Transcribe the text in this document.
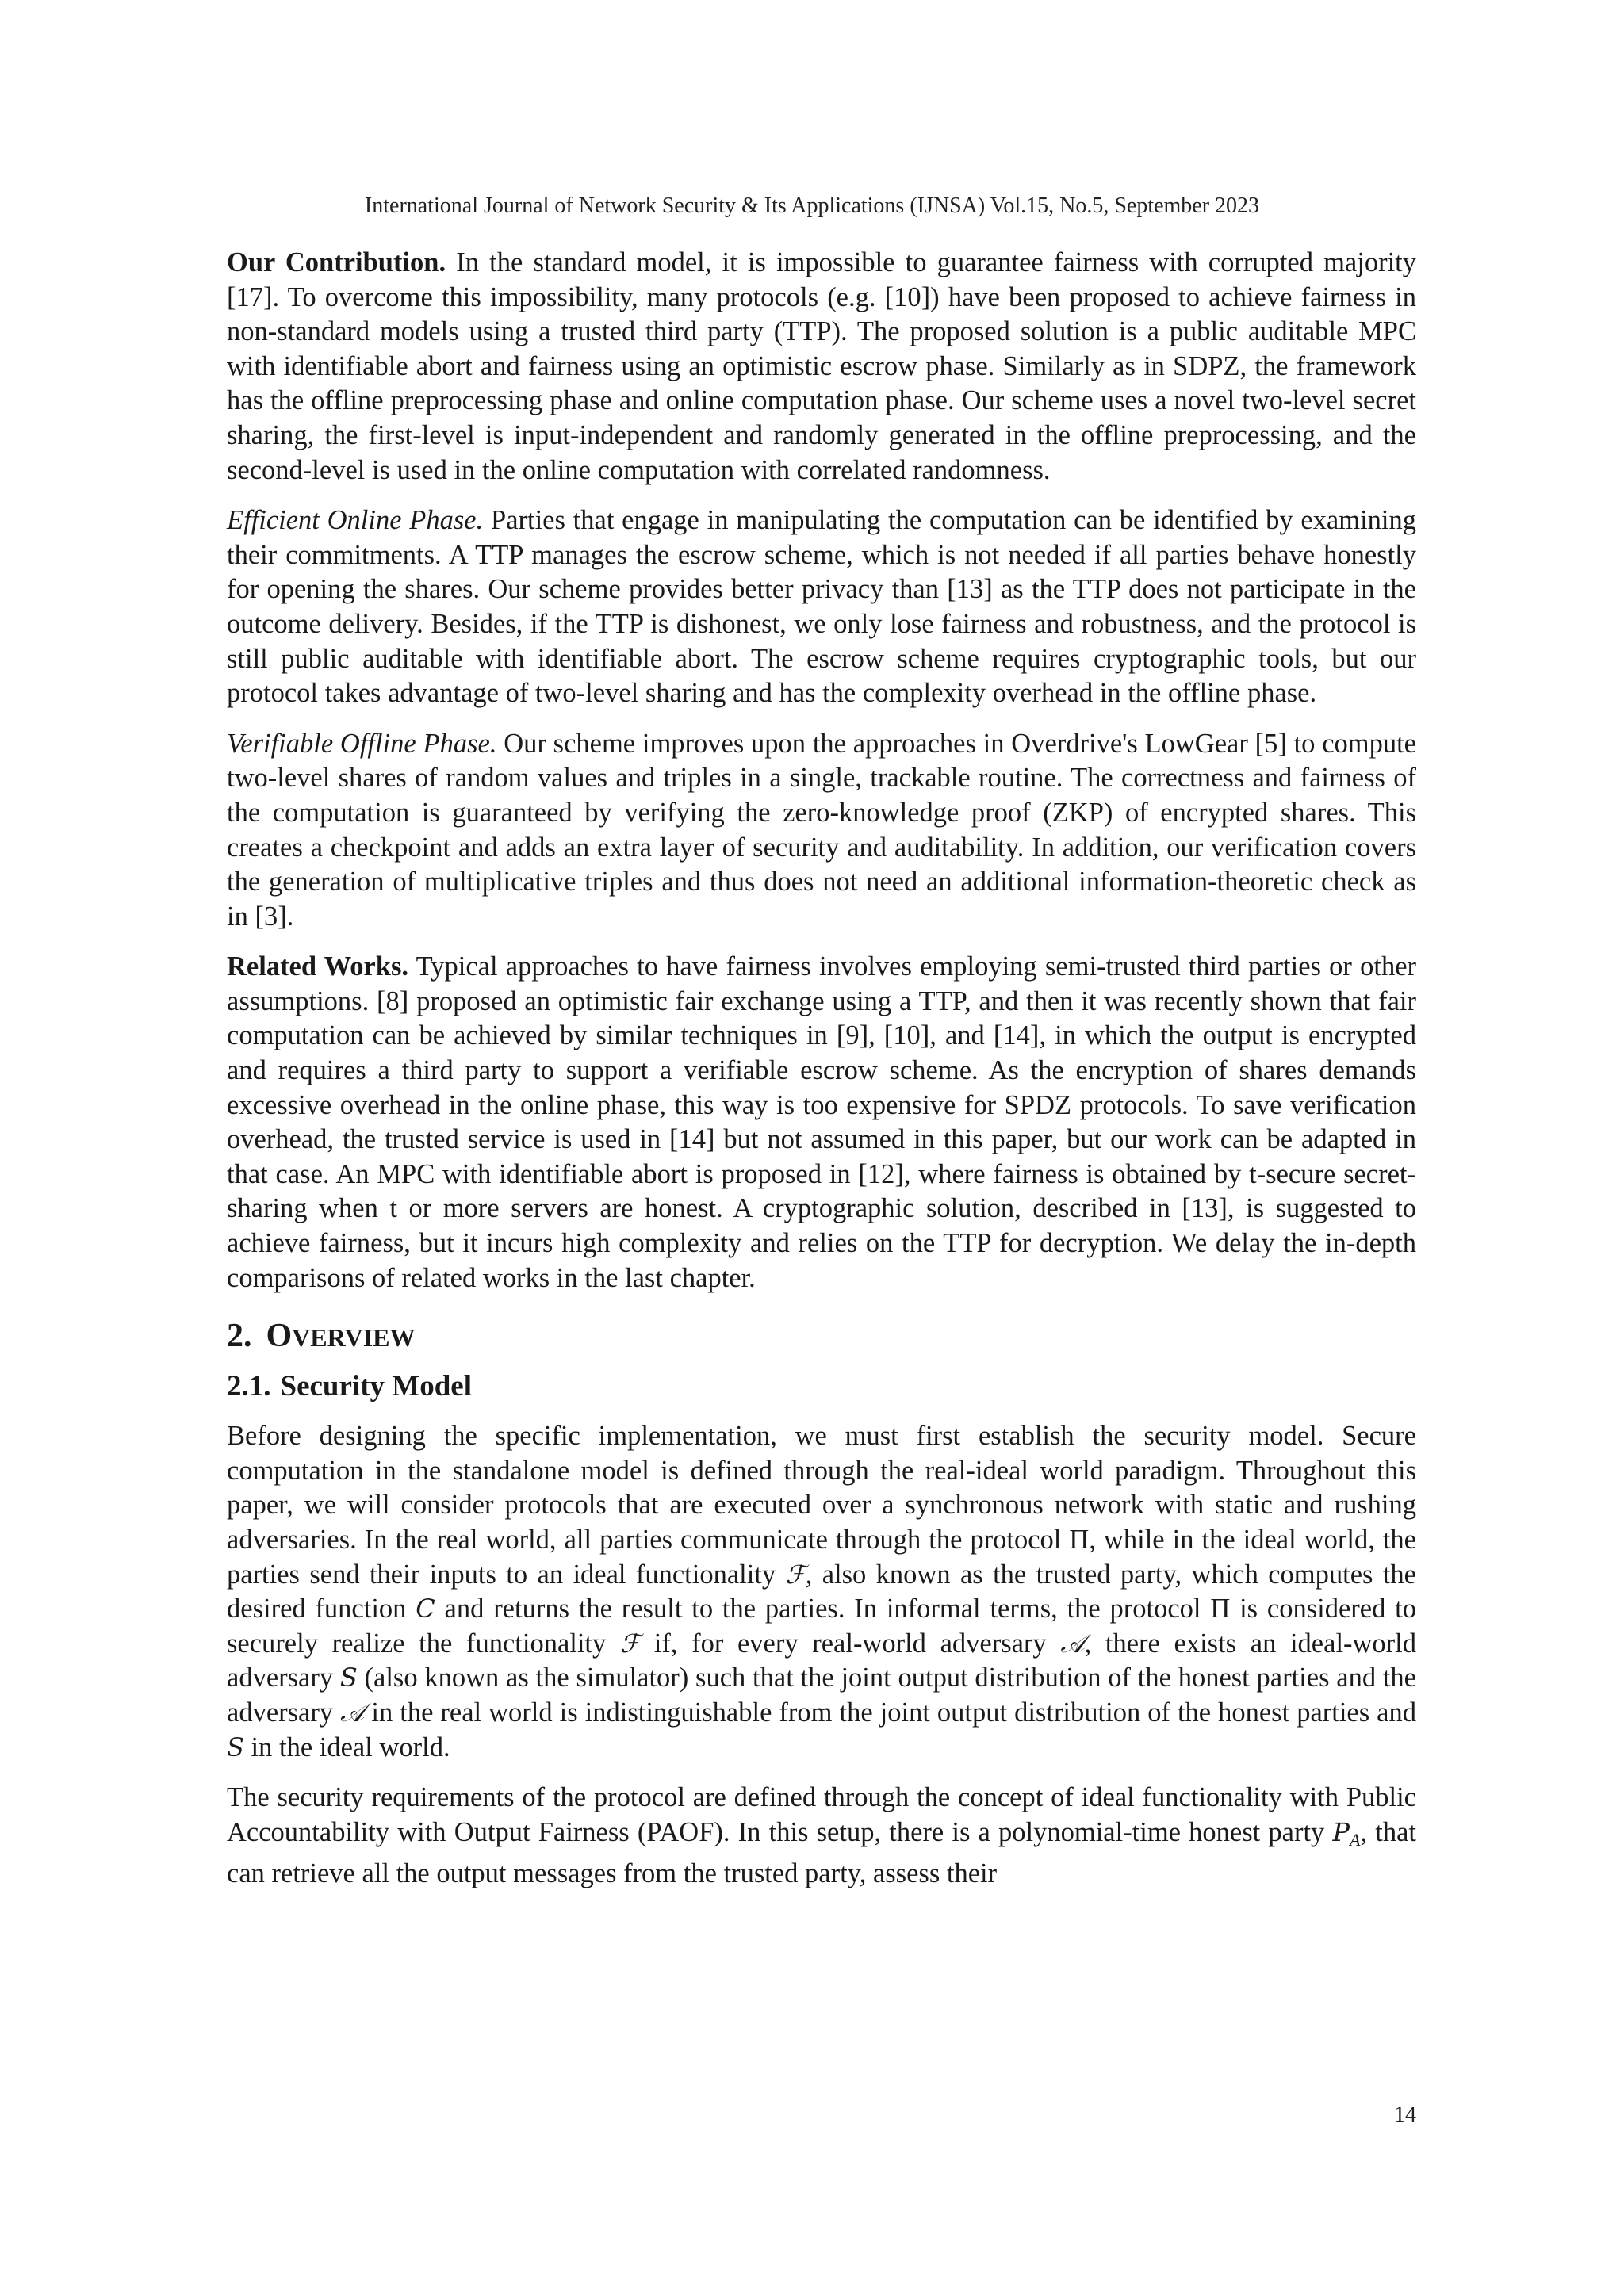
International Journal of Network Security & Its Applications (IJNSA) Vol.15, No.5, September 2023

Our Contribution. In the standard model, it is impossible to guarantee fairness with corrupted majority [17]. To overcome this impossibility, many protocols (e.g. [10]) have been proposed to achieve fairness in non-standard models using a trusted third party (TTP). The proposed solution is a public auditable MPC with identifiable abort and fairness using an optimistic escrow phase. Similarly as in SDPZ, the framework has the offline preprocessing phase and online computation phase. Our scheme uses a novel two-level secret sharing, the first-level is input-independent and randomly generated in the offline preprocessing, and the second-level is used in the online computation with correlated randomness.

Efficient Online Phase. Parties that engage in manipulating the computation can be identified by examining their commitments. A TTP manages the escrow scheme, which is not needed if all parties behave honestly for opening the shares. Our scheme provides better privacy than [13] as the TTP does not participate in the outcome delivery. Besides, if the TTP is dishonest, we only lose fairness and robustness, and the protocol is still public auditable with identifiable abort. The escrow scheme requires cryptographic tools, but our protocol takes advantage of two-level sharing and has the complexity overhead in the offline phase.

Verifiable Offline Phase. Our scheme improves upon the approaches in Overdrive's LowGear [5] to compute two-level shares of random values and triples in a single, trackable routine. The correctness and fairness of the computation is guaranteed by verifying the zero-knowledge proof (ZKP) of encrypted shares. This creates a checkpoint and adds an extra layer of security and auditability. In addition, our verification covers the generation of multiplicative triples and thus does not need an additional information-theoretic check as in [3].

Related Works. Typical approaches to have fairness involves employing semi-trusted third parties or other assumptions. [8] proposed an optimistic fair exchange using a TTP, and then it was recently shown that fair computation can be achieved by similar techniques in [9], [10], and [14], in which the output is encrypted and requires a third party to support a verifiable escrow scheme. As the encryption of shares demands excessive overhead in the online phase, this way is too expensive for SPDZ protocols. To save verification overhead, the trusted service is used in [14] but not assumed in this paper, but our work can be adapted in that case. An MPC with identifiable abort is proposed in [12], where fairness is obtained by t-secure secret-sharing when t or more servers are honest. A cryptographic solution, described in [13], is suggested to achieve fairness, but it incurs high complexity and relies on the TTP for decryption. We delay the in-depth comparisons of related works in the last chapter.

2. OVERVIEW
2.1. Security Model

Before designing the specific implementation, we must first establish the security model. Secure computation in the standalone model is defined through the real-ideal world paradigm. Throughout this paper, we will consider protocols that are executed over a synchronous network with static and rushing adversaries. In the real world, all parties communicate through the protocol Π, while in the ideal world, the parties send their inputs to an ideal functionality ℱ, also known as the trusted party, which computes the desired function C and returns the result to the parties. In informal terms, the protocol Π is considered to securely realize the functionality ℱ if, for every real-world adversary 𝒜, there exists an ideal-world adversary 𝑆 (also known as the simulator) such that the joint output distribution of the honest parties and the adversary 𝒜 in the real world is indistinguishable from the joint output distribution of the honest parties and 𝑆 in the ideal world.

The security requirements of the protocol are defined through the concept of ideal functionality with Public Accountability with Output Fairness (PAOF). In this setup, there is a polynomial-time honest party PA, that can retrieve all the output messages from the trusted party, assess their

14
